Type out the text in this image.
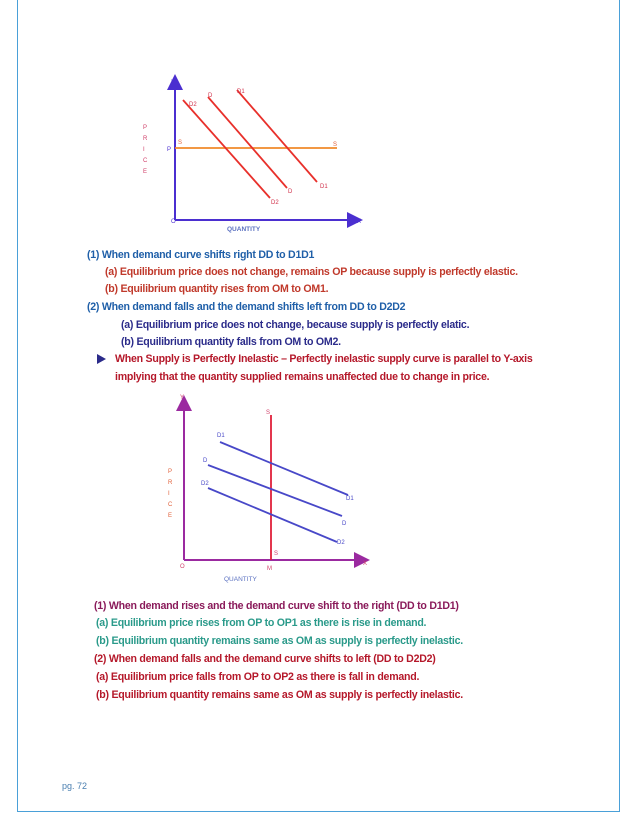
Y
X
O
QUANTITY
P
R
I
C
E
P
S	S
D2
D
D1
D1
D
D2
(1) When demand curve shifts right DD to D1D1
(a) Equilibrium price does not change, remains OP because supply is perfectly elastic.
(b) Equilibrium quantity rises from OM to OM1.
(2) When demand falls and the demand shifts left from DD to D2D2
(a) Equilibrium price does not change, because supply is perfectly elatic.
(b) Equilibrium quantity falls from OM to OM2.
When Supply is Perfectly Inelastic – Perfectly inelastic supply curve is parallel to Y-axis
implying that the quantity supplied remains unaffected due to change in price.
Y
X
O	M
QUANTITY
P
R
I
C
E
S
S
D1
D
D2
D1
D
D2
(1) When demand rises and the demand curve shift to the right (DD to D1D1)
(a) Equilibrium price rises from OP to OP1 as there is rise in demand.
(b) Equilibrium quantity remains same as OM as supply is perfectly inelastic.
(2) When demand falls and the demand curve shifts to left (DD to D2D2)
(a) Equilibrium price falls from OP to OP2 as there is fall in demand.
(b) Equilibrium quantity remains same as OM as supply is perfectly inelastic.
pg. 72
